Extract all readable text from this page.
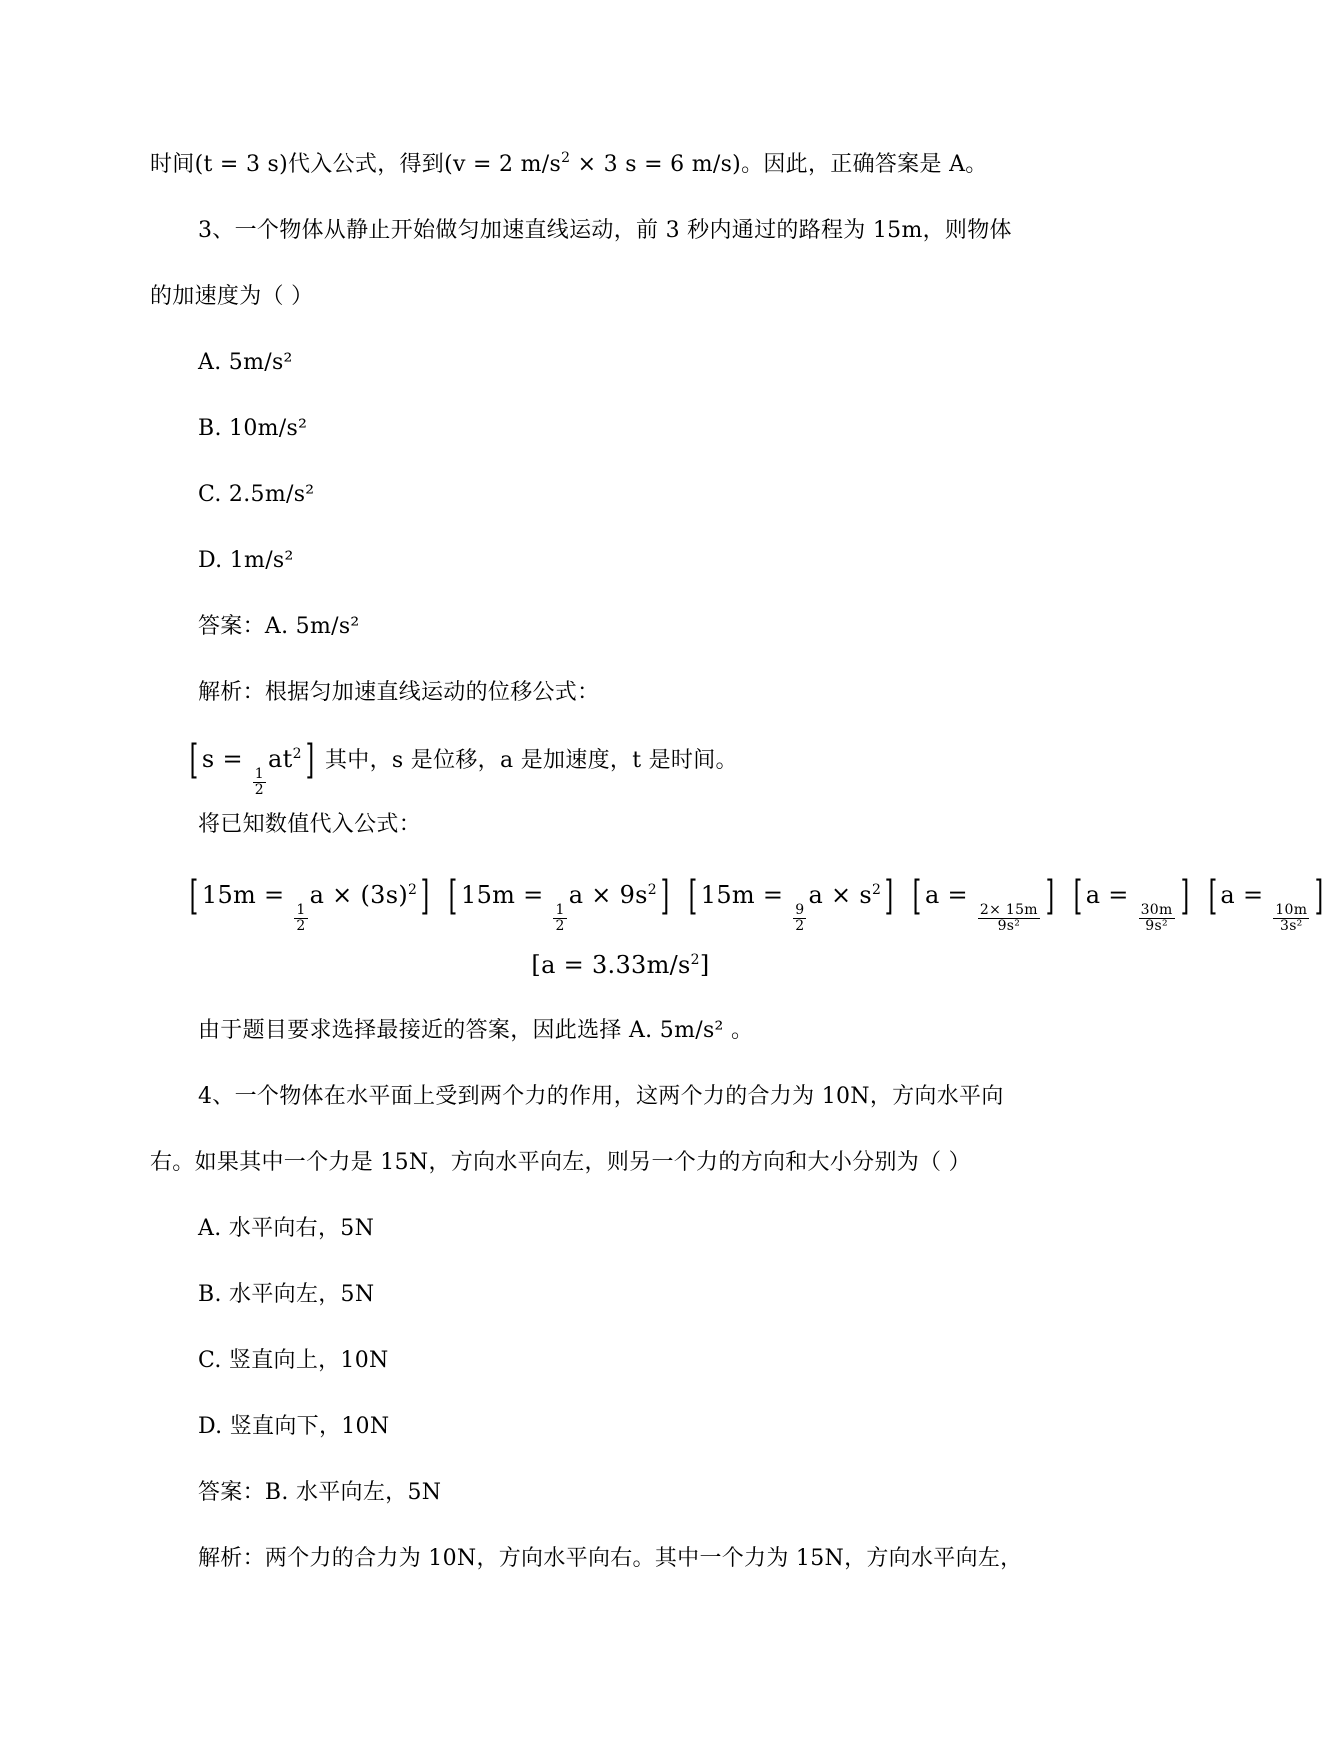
时间(t = 3 s)代入公式，得到(v = 2 $m/s^2 \times 3$ s = 6 m/s)。因此，正确答案是 A。
3、一个物体从静止开始做匀加速直线运动，前 3 秒内通过的路程为 15m，则物体
的加速度为（ ）
A. 5m/s²
B. 10m/s²
C. 2.5m/s²
D. 1m/s²
答案：A. 5m/s²
解析：根据匀加速直线运动的位移公式：
[ s =
$\frac{1}{2}$
$at^2$] 其中，s 是位移，a 是加速度，t 是时间。
将已知数值代入公式：
[ 15m =
$\frac{1}{2}$
$a \times (3s)^2$] [ 15m =
$\frac{1}{2}$
$a \times 9s^2$] [ 15m =
$\frac{9}{2}$
$a \times s^2$] [ a =
$\frac{2\times 15m}{\text{9s²}}$ ] [ a =
$\frac{30m}{\text{9s²}}$ ] [ a =
$\frac{10m}{\text{3s²}}$ ]
$[a = 3.33m/s^2]$
由于题目要求选择最接近的答案，因此选择 A. 5m/s² 。
4、一个物体在水平面上受到两个力的作用，这两个力的合力为 10N，方向水平向
右。如果其中一个力是 15N，方向水平向左，则另一个力的方向和大小分别为（ ）
A. 水平向右，5N
B. 水平向左，5N
C. 竖直向上，10N
D. 竖直向下，10N
答案：B. 水平向左，5N
解析：两个力的合力为 10N，方向水平向右。其中一个力为 15N，方向水平向左，
